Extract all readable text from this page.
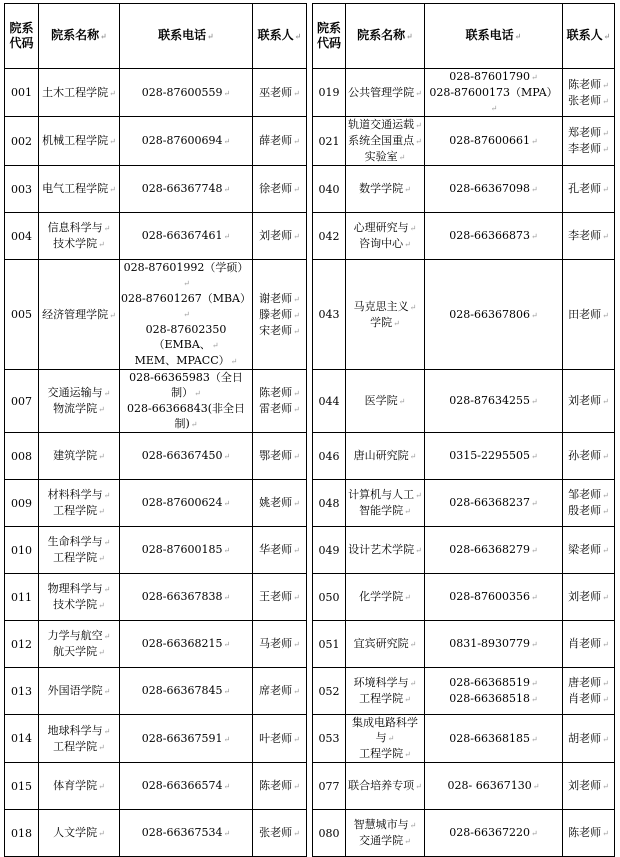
院系
代码	院系名称↵	联系电话↵	联系人↵		院系
代码	院系名称↵	联系电话↵	联系人↵
001	土木工程学院↵	028-87600559↵	巫老师↵		019	公共管理学院↵	028-87601790↵
028-87600173（MPA）↵	陈老师↵
张老师↵

002	机械工程学院↵	028-87600694↵	薛老师↵		021	轨道交通运载↵
系统全国重点↵
实验室↵	028-87600661↵	郑老师↵
李老师↵

003	电气工程学院↵	028-66367748↵	徐老师↵		040	数学学院↵	028-66367098↵	孔老师↵

004	信息科学与↵
技术学院↵	028-66367461↵	刘老师↵		042	心理研究与↵
咨询中心↵	028-66366873↵	李老师↵

005	经济管理学院↵	028-87601992（学硕）↵
028-87601267（MBA）↵
028-87602350（EMBA、↵
MEM、MPACC）↵	谢老师↵
滕老师↵
宋老师↵		043	马克思主义↵
学院↵	028-66367806↵	田老师↵

007	交通运输与↵
物流学院↵	028-66365983（全日制）↵
028-66366843(非全日制)↵	陈老师↵
雷老师↵		044	医学院↵	028-87634255↵	刘老师↵

008	建筑学院↵	028-66367450↵	鄂老师↵		046	唐山研究院↵	0315-2295505↵	孙老师↵

009	材料科学与↵
工程学院↵	028-87600624↵	姚老师↵		048	计算机与人工↵
智能学院↵	028-66368237↵	邹老师↵
殷老师↵

010	生命科学与↵
工程学院↵	028-87600185↵	华老师↵		049	设计艺术学院↵	028-66368279↵	梁老师↵

011	物理科学与↵
技术学院↵	028-66367838↵	王老师↵		050	化学学院↵	028-87600356↵	刘老师↵

012	力学与航空↵
航天学院↵	028-66368215↵	马老师↵		051	宜宾研究院↵	0831-8930779↵	肖老师↵

013	外国语学院↵	028-66367845↵	席老师↵		052	环境科学与↵
工程学院↵	028-66368519↵
028-66368518↵	唐老师↵
肖老师↵

014	地球科学与↵
工程学院↵	028-66367591↵	叶老师↵		053	集成电路科学与↵
工程学院↵	028-66368185↵	胡老师↵

015	体育学院↵	028-66366574↵	陈老师↵		077	联合培养专项↵	028- 66367130↵	刘老师↵

018	人文学院↵	028-66367534↵	张老师↵		080	智慧城市与↵
交通学院↵	028-66367220↵	陈老师↵
